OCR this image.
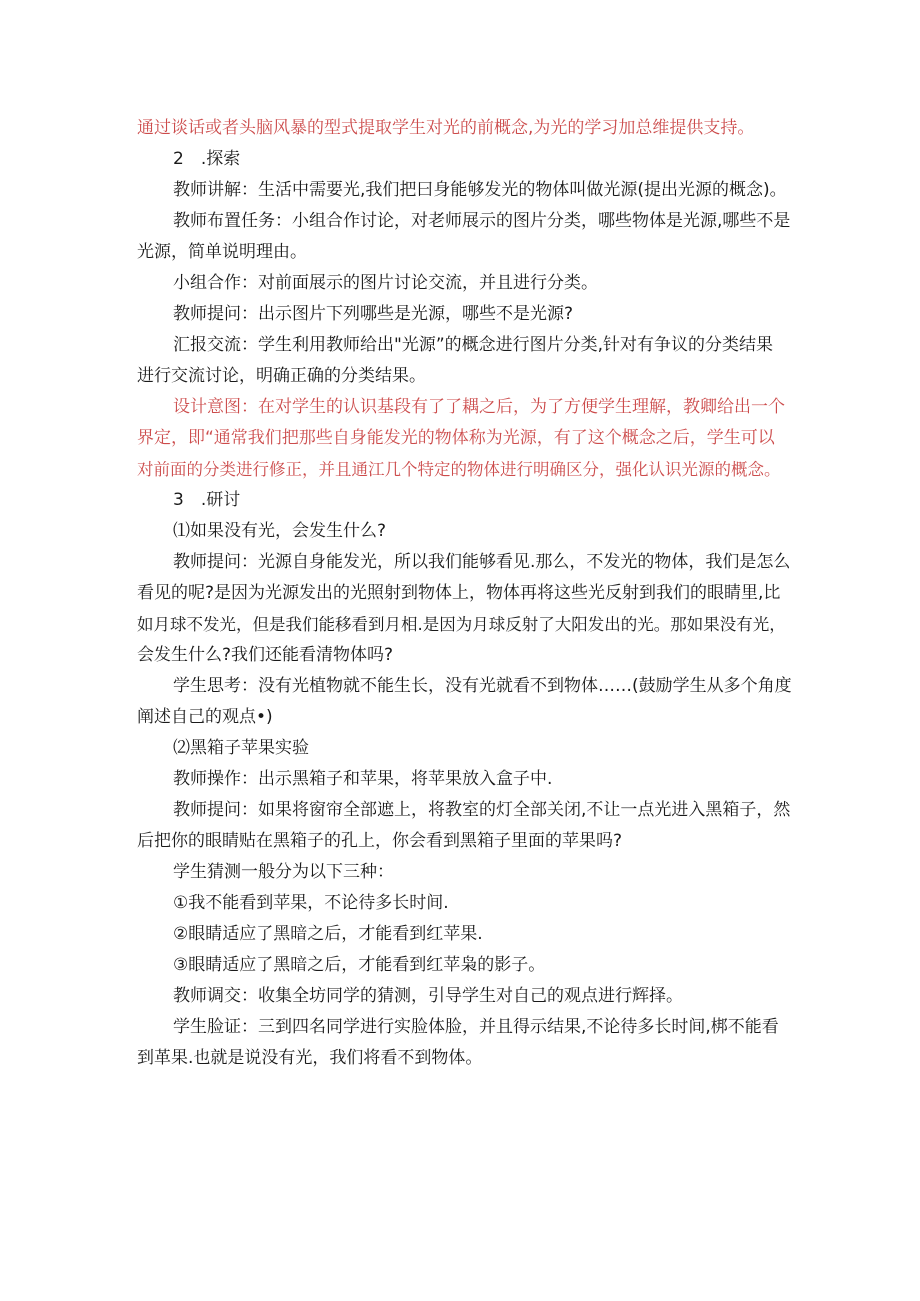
通过谈话或者头脑风暴的型式提取学生对光的前概念,为光的学习加总维提供支持。

2　.探索

教师讲解：生活中需要光,我们把曰身能够发光的物体叫做光源(提出光源的概念)。

教师布置任务：小组合作讨论，对老师展示的图片分类，哪些物体是光源,哪些不是

光源，简单说明理由。

小组合作：对前面展示的图片讨论交流，并且进行分类。

教师提问：出示图片下列哪些是光源，哪些不是光源?

汇报交流：学生利用教师给出"光源”的概念进行图片分类,针对有争议的分类结果

进行交流讨论，明确正确的分类结果。

设计意图：在对学生的认识基段有了了耦之后，为了方便学生理解，教卿给出一个

界定，即“通常我们把那些自身能发光的物体称为光源，有了这个概念之后，学生可以

对前面的分类进行修正，并且通江几个特定的物体进行明确区分，强化认识光源的概念。

3　.研讨

⑴如果没有光，会发生什么?

教师提问：光源自身能发光，所以我们能够看见.那么，不发光的物体，我们是怎么

看见的呢?是因为光源发出的光照射到物体上，物体再将这些光反射到我们的眼睛里,比

如月球不发光，但是我们能移看到月相.是因为月球反射了大阳发出的光。那如果没有光，

会发生什么?我们还能看清物体吗?

学生思考：没有光植物就不能生长，没有光就看不到物体……(鼓励学生从多个角度

阐述自己的观点•)

⑵黑箱子苹果实验

教师操作：出示黑箱子和苹果，将苹果放入盒子中.

教师提问：如果将窗帘全部遮上，将教室的灯全部关闭,不让一点光进入黑箱子，然

后把你的眼睛贴在黑箱子的孔上，你会看到黑箱子里面的苹果吗?

学生猜测一般分为以下三种：

①我不能看到苹果，不论待多长时间.

②眼睛适应了黑暗之后，才能看到红苹果.

③眼睛适应了黑暗之后，才能看到红苹枭的影子。

教师调交：收集全坊同学的猜测，引导学生对自己的观点进行辉择。

学生脸证：三到四名同学进行实脸体脸，并且得示结果,不论待多长时间,梆不能看

到革果.也就是说没有光，我们将看不到物体。
